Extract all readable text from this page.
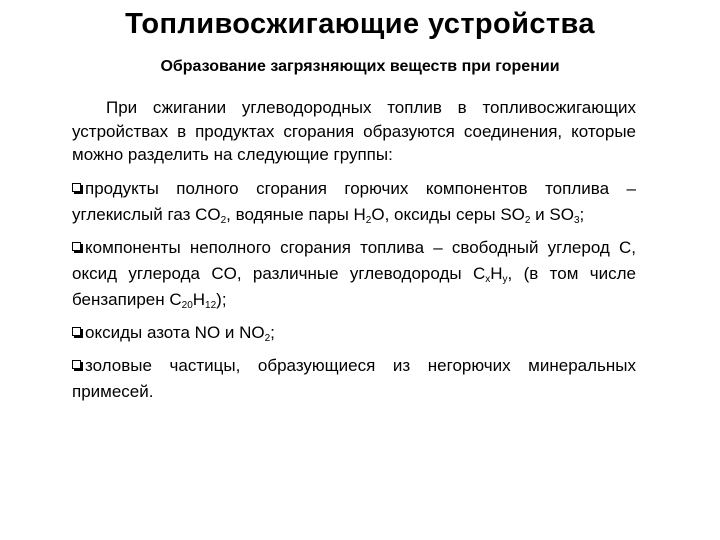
Топливосжигающие устройства
Образование загрязняющих веществ при горении

При сжигании углеводородных топлив в топливосжигающих устройствах в продуктах сгорания образуются соединения, которые можно разделить на следующие группы:

продукты полного сгорания горючих компонентов топлива – углекислый газ $CO_2$, водяные пары $H_2O$, оксиды серы $SO_2$ и $SO_3$;

компоненты неполного сгорания топлива – свободный углерод C, оксид углерода CO, различные углеводороды $C_xH_y$, (в том числе бензапирен $C_{20}H_{12}$);

оксиды азота NO и $NO_2$;

золовые частицы, образующиеся из негорючих минеральных примесей.
